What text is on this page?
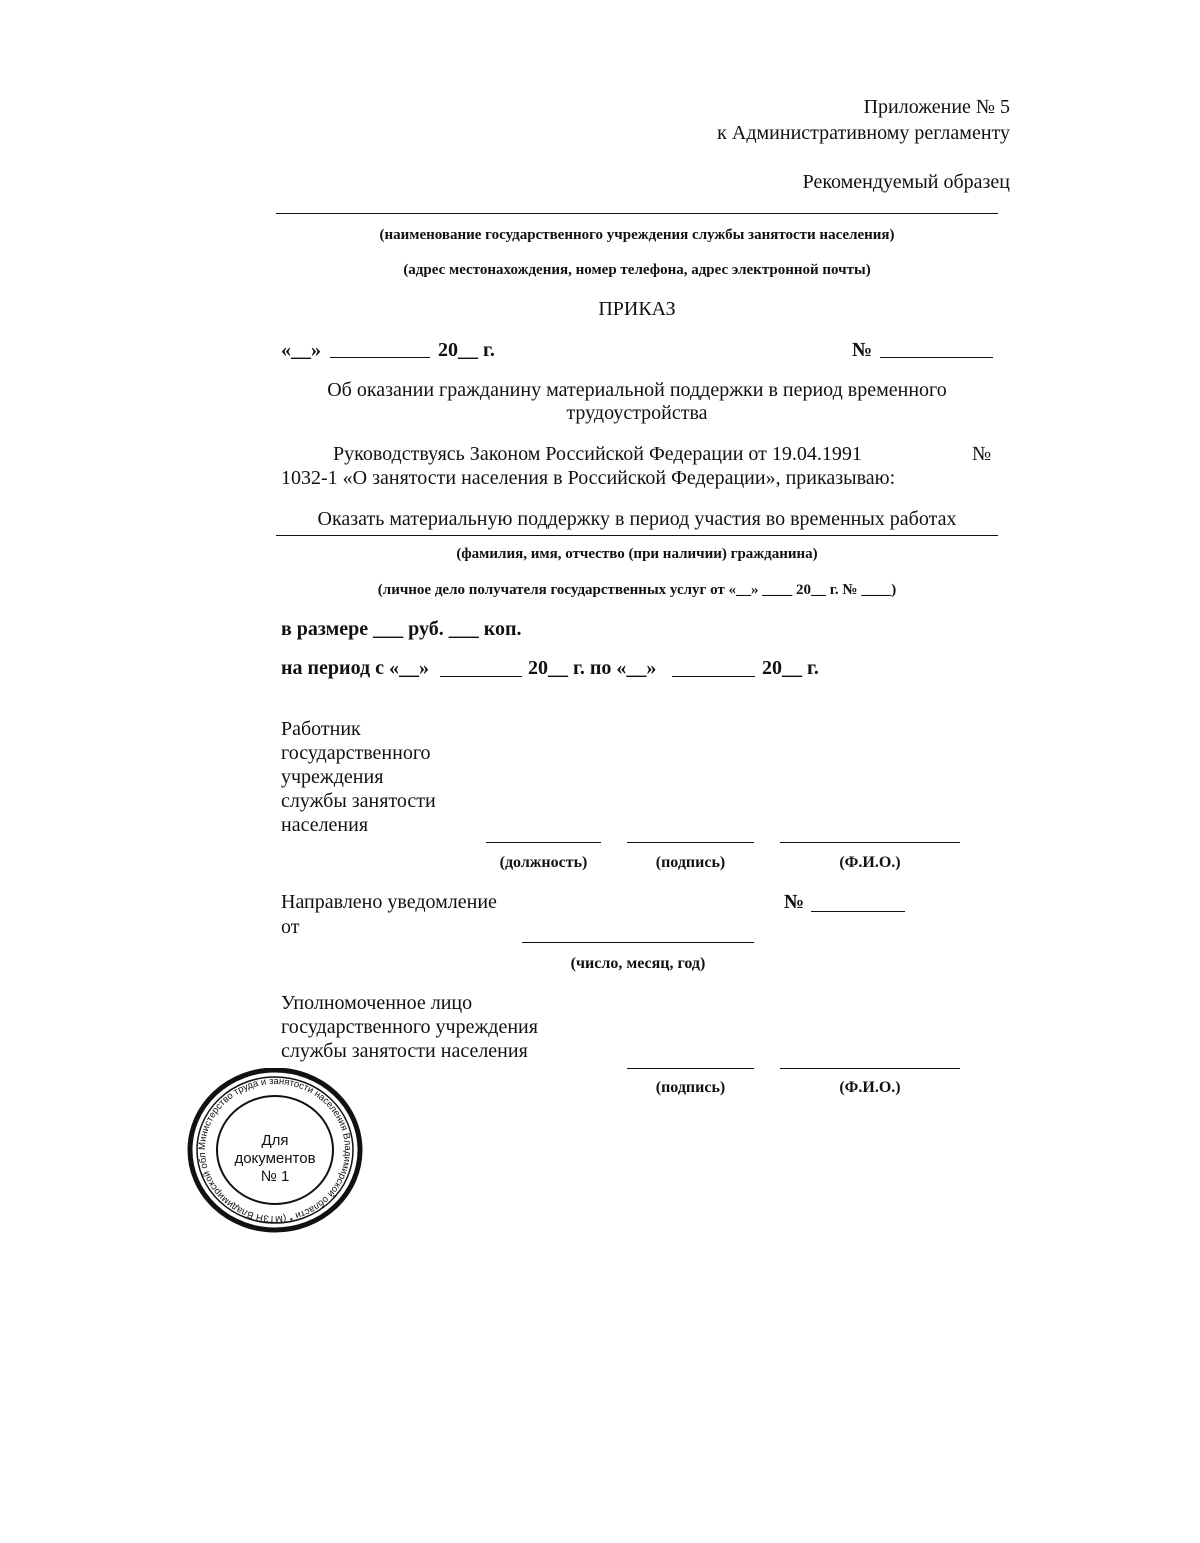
Приложение № 5
к Административному регламенту
Рекомендуемый образец
(наименование государственного учреждения службы занятости населения)
(адрес местонахождения, номер телефона, адрес электронной почты)
ПРИКАЗ
«__»	20__ г.	№
Об оказании гражданину материальной поддержки в период временного
трудоустройства
Руководствуясь Законом Российской Федерации от 19.04.1991	№
1032-1 «О занятости населения в Российской Федерации», приказываю:
Оказать материальную поддержку в период участия во временных работах
(фамилия, имя, отчество (при наличии) гражданина)
(личное дело получателя государственных услуг от «__» ____ 20__ г. № ____)
в размере ___ руб. ___ коп.
на период с «__»	20__ г. по «__»	20__ г.
Работник
государственного
учреждения
службы занятости
населения
(должность)	(подпись)	(Ф.И.О.)
Направлено уведомление
от
№
(число, месяц, год)
Уполномоченное лицо
государственного учреждения
службы занятости населения
(подпись)	(Ф.И.О.)
Министерство труда и занятости населения Владимирской области * (МТЗН Владимирской обл
Для
документов
№ 1
